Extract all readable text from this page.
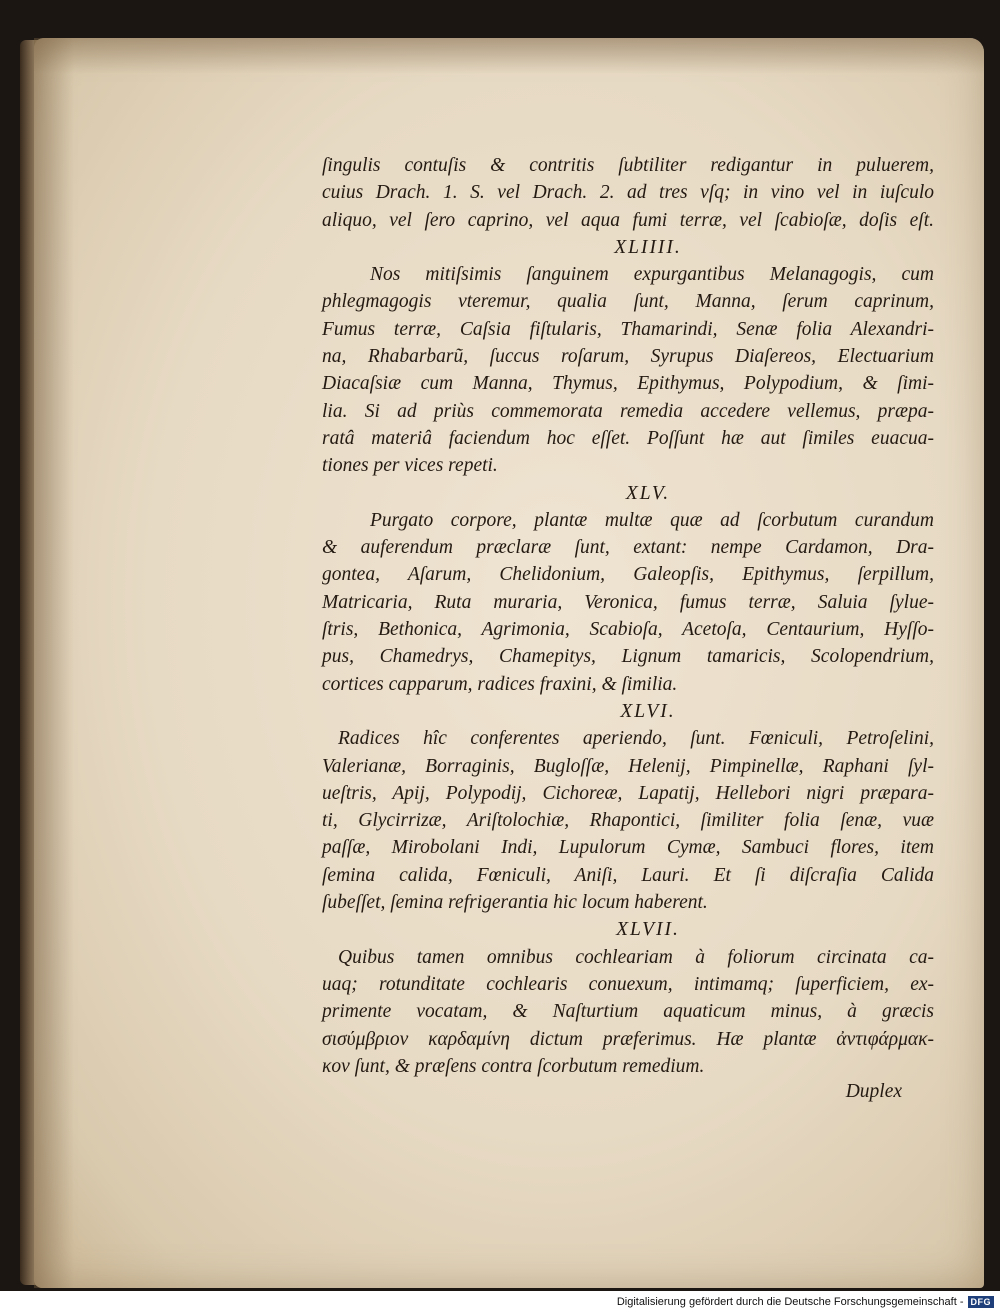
ſingulis contuſis & contritis ſubtiliter redigantur in puluerem,
cuius Drach. 1. S. vel Drach. 2. ad tres vſq; in vino vel in iuſculo
aliquo, vel ſero caprino, vel aqua fumi terræ, vel ſcabioſæ, doſis eſt.
XLIIII.
Nos mitiſsimis ſanguinem expurgantibus Melanagogis, cum
phlegmagogis vteremur, qualia ſunt, Manna, ſerum caprinum,
Fumus terræ, Caſsia fiſtularis, Thamarindi, Senæ folia Alexandri-
na, Rhabarbarũ, ſuccus roſarum, Syrupus Diaſereos, Electuarium
Diacaſsiæ cum Manna, Thymus, Epithymus, Polypodium, & ſimi-
lia. Si ad priùs commemorata remedia accedere vellemus, præpa-
ratâ materiâ faciendum hoc eſſet. Poſſunt hæ aut ſimiles euacua-
tiones per vices repeti.
XLV.
Purgato corpore, plantæ multæ quæ ad ſcorbutum curandum
& auferendum præclaræ ſunt, extant: nempe Cardamon, Dra-
gontea, Aſarum, Chelidonium, Galeopſis, Epithymus, ſerpillum,
Matricaria, Ruta muraria, Veronica, fumus terræ, Saluia ſylue-
ſtris, Bethonica, Agrimonia, Scabioſa, Acetoſa, Centaurium, Hyſſo-
pus, Chamedrys, Chamepitys, Lignum tamaricis, Scolopendrium,
cortices capparum, radices fraxini, & ſimilia.
XLVI.
Radices hîc conferentes aperiendo, ſunt. Fœniculi, Petroſelini,
Valerianæ, Borraginis, Bugloſſæ, Helenij, Pimpinellæ, Raphani ſyl-
ueſtris, Apij, Polypodij, Cichoreæ, Lapatij, Hellebori nigri præpara-
ti, Glycirrizæ, Ariſtolochiæ, Rhapontici, ſimiliter folia ſenæ, vuæ
paſſæ, Mirobolani Indi, Lupulorum Cymæ, Sambuci flores, item
ſemina calida, Fœniculi, Aniſi, Lauri. Et ſi diſcraſia Calida
ſubeſſet, ſemina refrigerantia hic locum haberent.
XLVII.
Quibus tamen omnibus cochleariam à foliorum circinata ca-
uaq; rotunditate cochlearis conuexum, intimamq; ſuperficiem, ex-
primente vocatam, & Naſturtium aquaticum minus, à græcis
σισύμβριον καρδαμίνη dictum præferimus. Hæ plantæ ἀντιφάρμακ-
κον ſunt, & præſens contra ſcorbutum remedium.
Duplex
Digitalisierung gefördert durch die Deutsche Forschungsgemeinschaft - DFG
